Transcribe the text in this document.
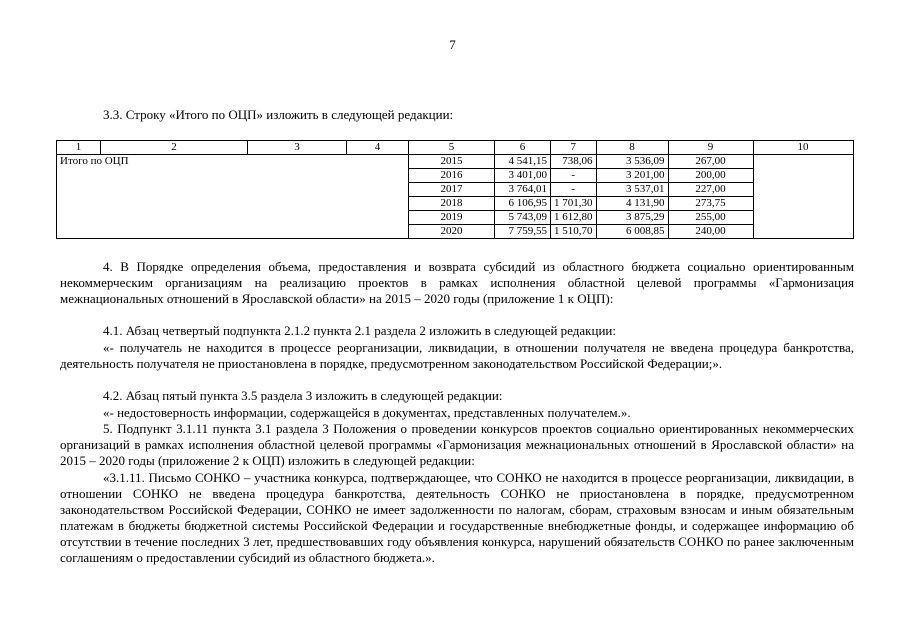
7
3.3. Строку «Итого по ОЦП» изложить в следующей редакции:
1	2	3	4	5	6	7	8	9	10
Итого по ОЦП				2015	4 541,15	738,06	3 536,09	267,00	
				2016	3 401,00	-	3 201,00	200,00	
				2017	3 764,01	-	3 537,01	227,00	
				2018	6 106,95	1 701,30	4 131,90	273,75	
				2019	5 743,09	1 612,80	3 875,29	255,00	
				2020	7 759,55	1 510,70	6 008,85	240,00	
4. В Порядке определения объема, предоставления и возврата субсидий из областного бюджета социально ориентированным некоммерческим организациям на реализацию проектов в рамках исполнения областной целевой программы «Гармонизация межнациональных отношений в Ярославской области» на 2015 – 2020 годы (приложение 1 к ОЦП):
4.1. Абзац четвертый подпункта 2.1.2 пункта 2.1 раздела 2 изложить в следующей редакции:
«- получатель не находится в процессе реорганизации, ликвидации, в отношении получателя не введена процедура банкротства, деятельность получателя не приостановлена в порядке, предусмотренном законодательством Российской Федерации;».
4.2. Абзац пятый пункта 3.5 раздела 3 изложить в следующей редакции:
«- недостоверность информации, содержащейся в документах, представленных получателем.».
5. Подпункт 3.1.11 пункта 3.1 раздела 3 Положения о проведении конкурсов проектов социально ориентированных некоммерческих организаций в рамках исполнения областной целевой программы «Гармонизация межнациональных отношений в Ярославской области» на 2015 – 2020 годы (приложение 2 к ОЦП) изложить в следующей редакции:
«3.1.11. Письмо СОНКО – участника конкурса, подтверждающее, что СОНКО не находится в процессе реорганизации, ликвидации, в отношении СОНКО не введена процедура банкротства, деятельность СОНКО не приостановлена в порядке, предусмотренном законодательством Российской Федерации, СОНКО не имеет задолженности по налогам, сборам, страховым взносам и иным обязательным платежам в бюджеты бюджетной системы Российской Федерации и государственные внебюджетные фонды, и содержащее информацию об отсутствии в течение последних 3 лет, предшествовавших году объявления конкурса, нарушений обязательств СОНКО по ранее заключенным соглашениям о предоставлении субсидий из областного бюджета.».
